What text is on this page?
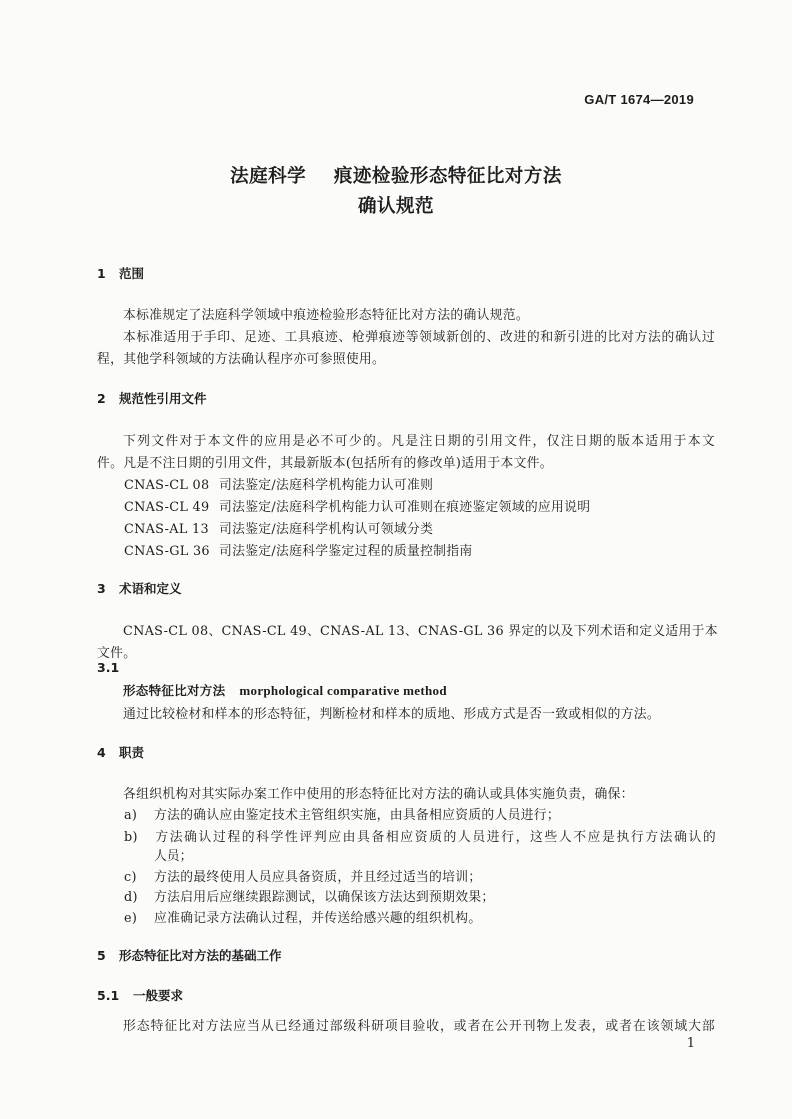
GA/T 1674—2019
法庭科学    痕迹检验形态特征比对方法
确认规范
1 范围
本标准规定了法庭科学领域中痕迹检验形态特征比对方法的确认规范。
本标准适用于手印、足迹、工具痕迹、枪弹痕迹等领域新创的、改进的和新引进的比对方法的确认过
程，其他学科领域的方法确认程序亦可参照使用。
2 规范性引用文件
下列文件对于本文件的应用是必不可少的。凡是注日期的引用文件，仅注日期的版本适用于本文
件。凡是不注日期的引用文件，其最新版本(包括所有的修改单)适用于本文件。
CNAS-CL 08 司法鉴定/法庭科学机构能力认可准则
CNAS-CL 49 司法鉴定/法庭科学机构能力认可准则在痕迹鉴定领域的应用说明
CNAS-AL 13 司法鉴定/法庭科学机构认可领域分类
CNAS-GL 36 司法鉴定/法庭科学鉴定过程的质量控制指南
3 术语和定义
CNAS-CL 08、CNAS-CL 49、CNAS-AL 13、CNAS-GL 36 界定的以及下列术语和定义适用于本
文件。
3.1
形态特征比对方法 morphological comparative method
通过比较检材和样本的形态特征，判断检材和样本的质地、形成方式是否一致或相似的方法。
4 职责
各组织机构对其实际办案工作中使用的形态特征比对方法的确认或具体实施负责，确保：
a) 方法的确认应由鉴定技术主管组织实施，由具备相应资质的人员进行；
b) 方法确认过程的科学性评判应由具备相应资质的人员进行，这些人不应是执行方法确认的
人员；
c) 方法的最终使用人员应具备资质，并且经过适当的培训；
d) 方法启用后应继续跟踪测试，以确保该方法达到预期效果；
e) 应准确记录方法确认过程，并传送给感兴趣的组织机构。
5 形态特征比对方法的基础工作
5.1 一般要求
形态特征比对方法应当从已经通过部级科研项目验收，或者在公开刊物上发表，或者在该领域大部
1
